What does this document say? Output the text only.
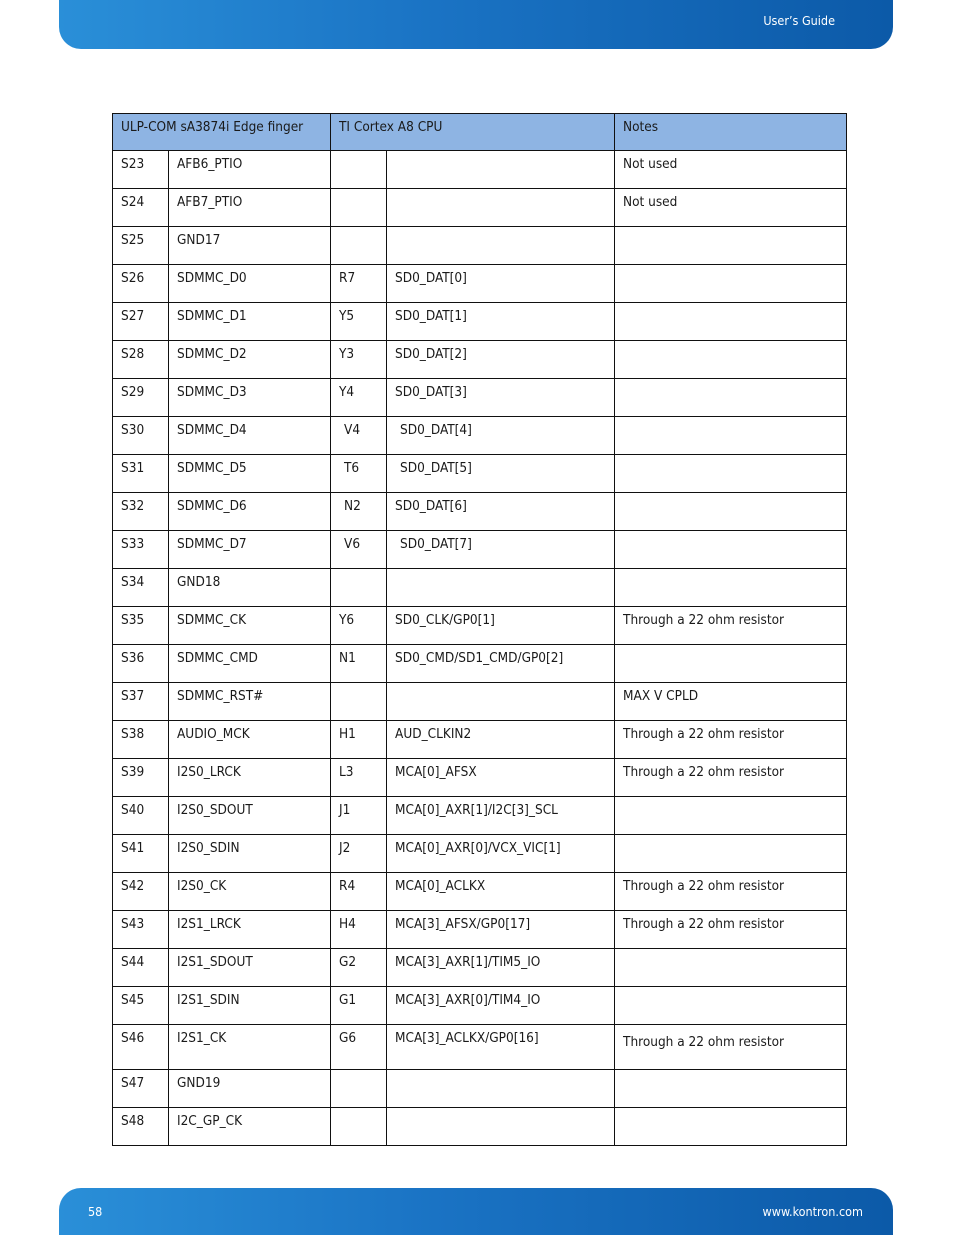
User’s Guide
ULP-COM sA3874i Edge finger		TI Cortex A8 CPU		Notes
S23	AFB6_PTIO			Not used
S24	AFB7_PTIO			Not used
S25	GND17			
S26	SDMMC_D0	R7	SD0_DAT[0]	
S27	SDMMC_D1	Y5	SD0_DAT[1]	
S28	SDMMC_D2	Y3	SD0_DAT[2]	
S29	SDMMC_D3	Y4	SD0_DAT[3]	
S30	SDMMC_D4	V4	SD0_DAT[4]	
S31	SDMMC_D5	T6	SD0_DAT[5]	
S32	SDMMC_D6	N2	SD0_DAT[6]	
S33	SDMMC_D7	V6	SD0_DAT[7]	
S34	GND18			
S35	SDMMC_CK	Y6	SD0_CLK/GP0[1]	Through a 22 ohm resistor
S36	SDMMC_CMD	N1	SD0_CMD/SD1_CMD/GP0[2]	
S37	SDMMC_RST#			MAX V CPLD
S38	AUDIO_MCK	H1	AUD_CLKIN2	Through a 22 ohm resistor
S39	I2S0_LRCK	L3	MCA[0]_AFSX	Through a 22 ohm resistor
S40	I2S0_SDOUT	J1	MCA[0]_AXR[1]/I2C[3]_SCL	
S41	I2S0_SDIN	J2	MCA[0]_AXR[0]/VCX_VIC[1]	
S42	I2S0_CK	R4	MCA[0]_ACLKX	Through a 22 ohm resistor
S43	I2S1_LRCK	H4	MCA[3]_AFSX/GP0[17]	Through a 22 ohm resistor
S44	I2S1_SDOUT	G2	MCA[3]_AXR[1]/TIM5_IO	
S45	I2S1_SDIN	G1	MCA[3]_AXR[0]/TIM4_IO	
S46	I2S1_CK	G6	MCA[3]_ACLKX/GP0[16]	Through a 22 ohm resistor
S47	GND19			
S48	I2C_GP_CK			
58	www.kontron.com
